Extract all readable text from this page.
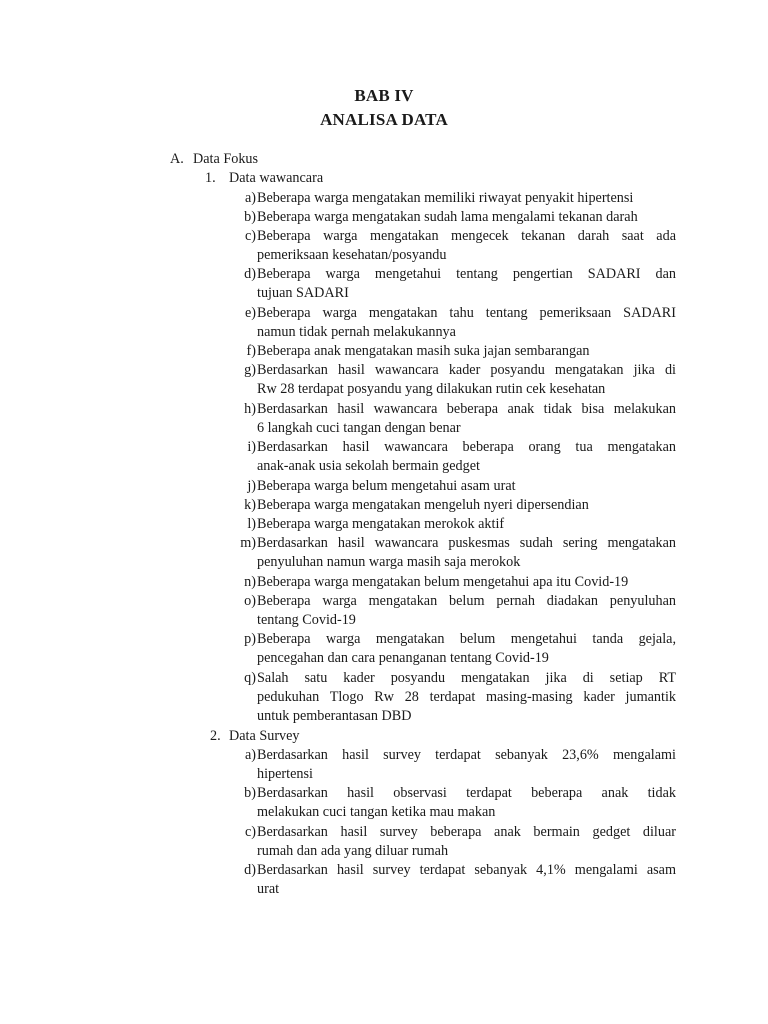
BAB IV
ANALISA DATA
A. Data Fokus
1. Data wawancara
a) Beberapa warga mengatakan memiliki riwayat penyakit hipertensi
b) Beberapa warga mengatakan sudah lama mengalami tekanan darah
c) Beberapa warga mengatakan mengecek tekanan darah saat ada
pemeriksaan kesehatan/posyandu
d) Beberapa warga mengetahui tentang pengertian SADARI dan
tujuan SADARI
e) Beberapa warga mengatakan tahu tentang pemeriksaan SADARI
namun tidak pernah melakukannya
f) Beberapa anak mengatakan masih suka jajan sembarangan
g) Berdasarkan hasil wawancara kader posyandu mengatakan jika di
Rw 28 terdapat posyandu yang dilakukan rutin cek kesehatan
h) Berdasarkan hasil wawancara beberapa anak tidak bisa melakukan
6 langkah cuci tangan dengan benar
i) Berdasarkan hasil wawancara beberapa orang tua mengatakan
anak-anak usia sekolah bermain gedget
j) Beberapa warga belum mengetahui asam urat
k) Beberapa warga mengatakan mengeluh nyeri dipersendian
l) Beberapa warga mengatakan merokok aktif
m) Berdasarkan hasil wawancara puskesmas sudah sering mengatakan
penyuluhan namun warga masih saja merokok
n) Beberapa warga mengatakan belum mengetahui apa itu Covid-19
o) Beberapa warga mengatakan belum pernah diadakan penyuluhan
tentang Covid-19
p) Beberapa warga mengatakan belum mengetahui tanda gejala,
pencegahan dan cara penanganan tentang Covid-19
q) Salah satu kader posyandu mengatakan jika di setiap RT
pedukuhan Tlogo Rw 28 terdapat masing-masing kader jumantik
untuk pemberantasan DBD
2. Data Survey
a) Berdasarkan hasil survey terdapat sebanyak 23,6% mengalami
hipertensi
b) Berdasarkan hasil observasi terdapat beberapa anak tidak
melakukan cuci tangan ketika mau makan
c) Berdasarkan hasil survey beberapa anak bermain gedget diluar
rumah dan ada yang diluar rumah
d) Berdasarkan hasil survey terdapat sebanyak 4,1% mengalami asam
urat
